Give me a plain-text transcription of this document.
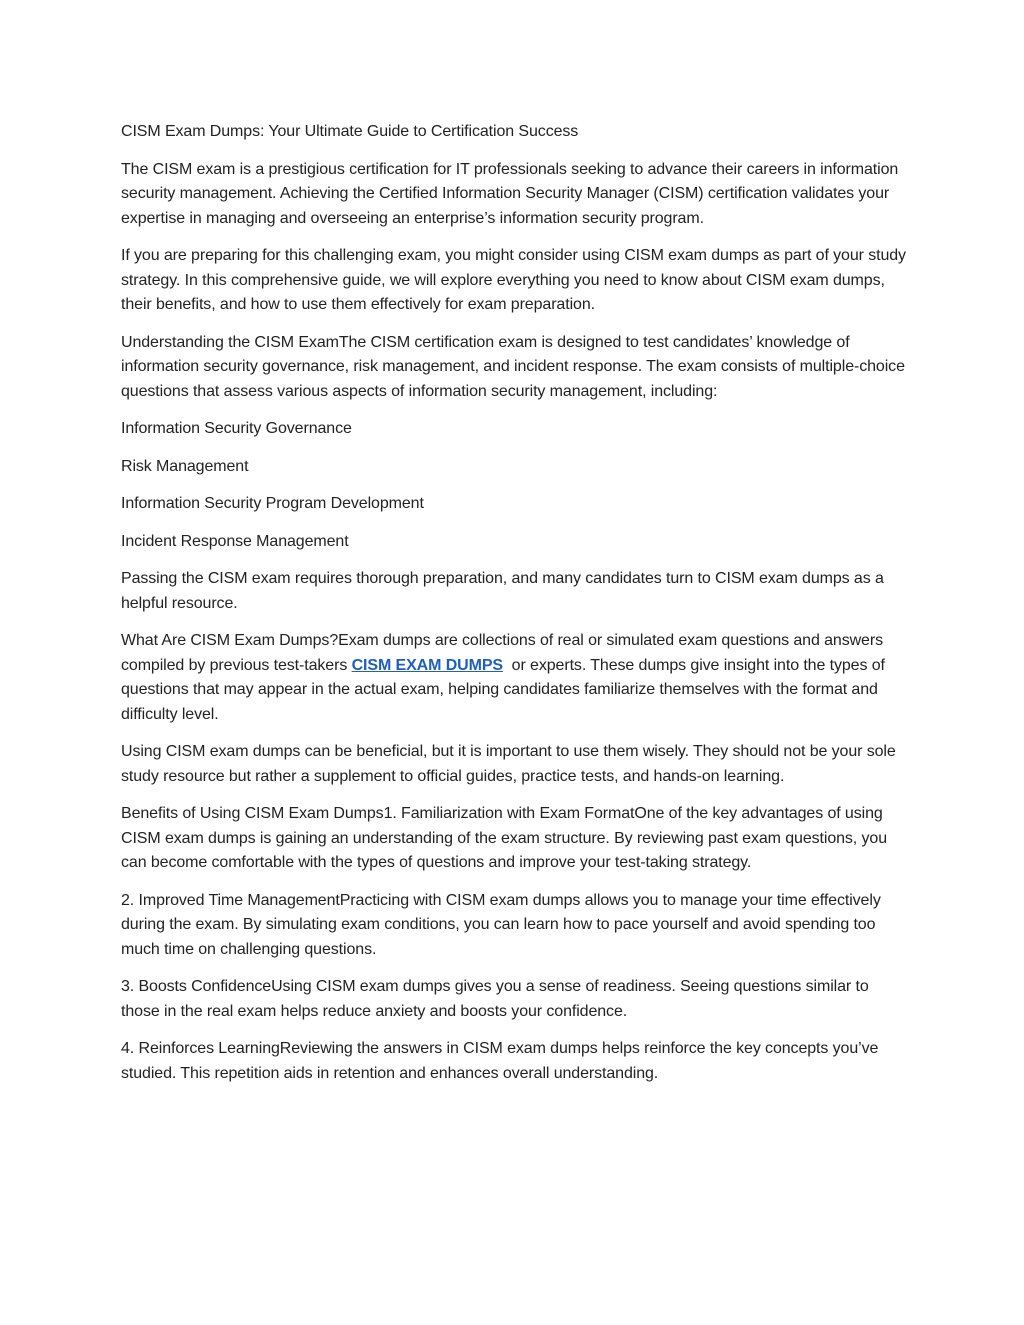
CISM Exam Dumps: Your Ultimate Guide to Certification Success

The CISM exam is a prestigious certification for IT professionals seeking to advance their careers in information security management. Achieving the Certified Information Security Manager (CISM) certification validates your expertise in managing and overseeing an enterprise’s information security program.

If you are preparing for this challenging exam, you might consider using CISM exam dumps as part of your study strategy. In this comprehensive guide, we will explore everything you need to know about CISM exam dumps, their benefits, and how to use them effectively for exam preparation.

Understanding the CISM ExamThe CISM certification exam is designed to test candidates’ knowledge of information security governance, risk management, and incident response. The exam consists of multiple-choice questions that assess various aspects of information security management, including:

Information Security Governance

Risk Management

Information Security Program Development

Incident Response Management

Passing the CISM exam requires thorough preparation, and many candidates turn to CISM exam dumps as a helpful resource.

What Are CISM Exam Dumps?Exam dumps are collections of real or simulated exam questions and answers compiled by previous test-takers CISM EXAM DUMPS  or experts. These dumps give insight into the types of questions that may appear in the actual exam, helping candidates familiarize themselves with the format and difficulty level.

Using CISM exam dumps can be beneficial, but it is important to use them wisely. They should not be your sole study resource but rather a supplement to official guides, practice tests, and hands-on learning.

Benefits of Using CISM Exam Dumps1. Familiarization with Exam FormatOne of the key advantages of using CISM exam dumps is gaining an understanding of the exam structure. By reviewing past exam questions, you can become comfortable with the types of questions and improve your test-taking strategy.

2. Improved Time ManagementPracticing with CISM exam dumps allows you to manage your time effectively during the exam. By simulating exam conditions, you can learn how to pace yourself and avoid spending too much time on challenging questions.

3. Boosts ConfidenceUsing CISM exam dumps gives you a sense of readiness. Seeing questions similar to those in the real exam helps reduce anxiety and boosts your confidence.

4. Reinforces LearningReviewing the answers in CISM exam dumps helps reinforce the key concepts you’ve studied. This repetition aids in retention and enhances overall understanding.
